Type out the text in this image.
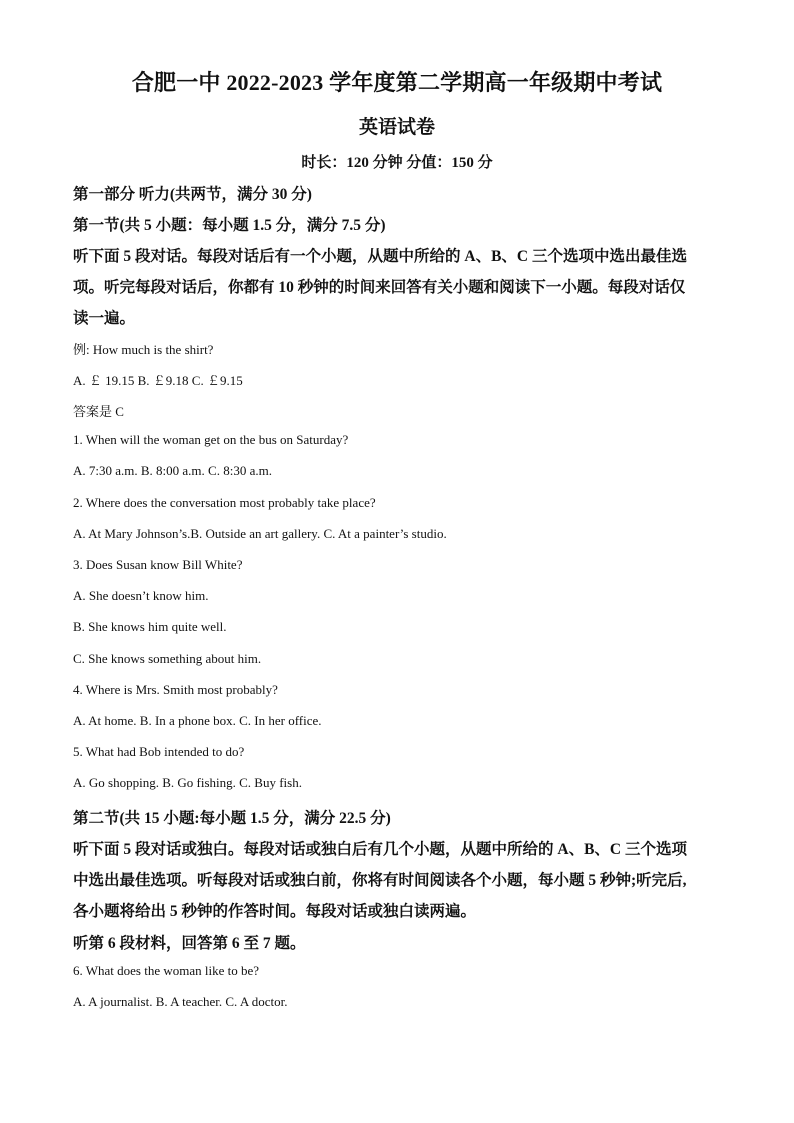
合肥一中 2022-2023 学年度第二学期高一年级期中考试
英语试卷
时长：120 分钟 分值：150 分
第一部分 听力(共两节，满分 30 分)
第一节(共 5 小题：每小题 1.5 分，满分 7.5 分)
听下面 5 段对话。每段对话后有一个小题，从题中所给的 A、B、C 三个选项中选出最佳选
项。听完每段对话后，你都有 10 秒钟的时间来回答有关小题和阅读下一小题。每段对话仅
读一遍。
例: How much is the shirt?
A. ￡ 19.15 B. ￡9.18 C. ￡9.15
答案是 C
1. When will the woman get on the bus on Saturday?
A. 7:30 a.m. B. 8:00 a.m. C. 8:30 a.m.
2. Where does the conversation most probably take place?
A. At Mary Johnson’s.B. Outside an art gallery. C. At a painter’s studio.
3. Does Susan know Bill White?
A. She doesn’t know him.
B. She knows him quite well.
C. She knows something about him.
4. Where is Mrs. Smith most probably?
A. At home. B. In a phone box. C. In her office.
5. What had Bob intended to do?
A. Go shopping. B. Go fishing. C. Buy fish.
第二节(共 15 小题:每小题 1.5 分，满分 22.5 分)
听下面 5 段对话或独白。每段对话或独白后有几个小题，从题中所给的 A、B、C 三个选项
中选出最佳选项。听每段对话或独白前，你将有时间阅读各个小题，每小题 5 秒钟;听完后,
各小题将给出 5 秒钟的作答时间。每段对话或独白读两遍。
听第 6 段材料，回答第 6 至 7 题。
6. What does the woman like to be?
A. A journalist. B. A teacher. C. A doctor.
